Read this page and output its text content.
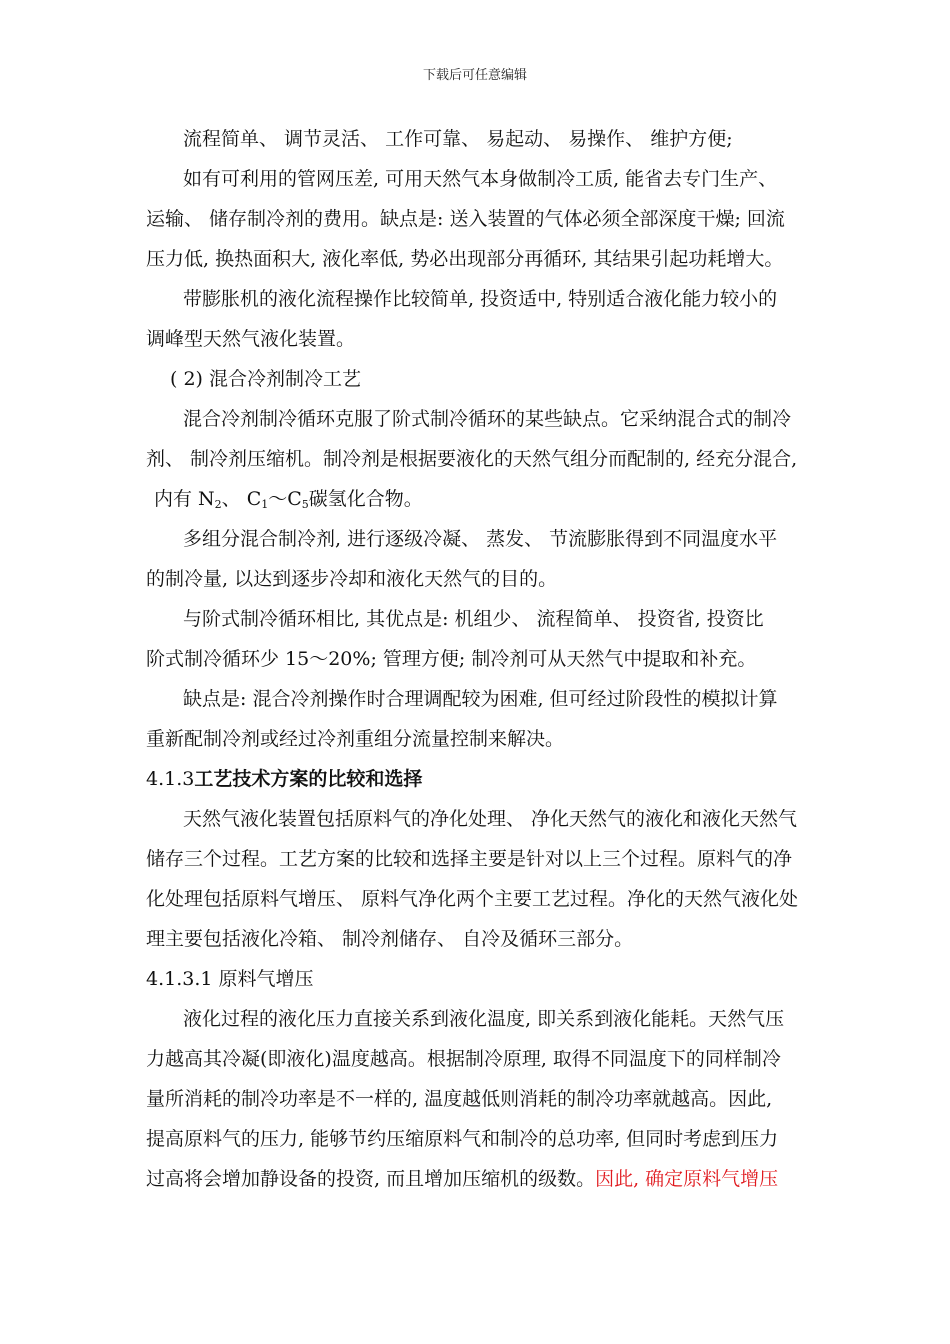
下载后可任意编辑
流程简单、 调节灵活、 工作可靠、 易起动、 易操作、 维护方便;
如有可利用的管网压差, 可用天然气本身做制冷工质, 能省去专门生产、
运输、 储存制冷剂的费用。缺点是: 送入装置的气体必须全部深度干燥; 回流
压力低, 换热面积大, 液化率低, 势必出现部分再循环, 其结果引起功耗增大。
带膨胀机的液化流程操作比较简单, 投资适中, 特别适合液化能力较小的
调峰型天然气液化装置。
( 2) 混合冷剂制冷工艺
混合冷剂制冷循环克服了阶式制冷循环的某些缺点。它采纳混合式的制冷
剂、 制冷剂压缩机。制冷剂是根据要液化的天然气组分而配制的, 经充分混合,
内有 $N_2$、 $C_1\sim C_5$碳氢化合物。
多组分混合制冷剂, 进行逐级冷凝、 蒸发、 节流膨胀得到不同温度水平
的制冷量, 以达到逐步冷却和液化天然气的目的。
与阶式制冷循环相比, 其优点是: 机组少、 流程简单、 投资省, 投资比
阶式制冷循环少 15～20%; 管理方便; 制冷剂可从天然气中提取和补充。
缺点是: 混合冷剂操作时合理调配较为困难, 但可经过阶段性的模拟计算
重新配制冷剂或经过冷剂重组分流量控制来解决。
4.1.3工艺技术方案的比较和选择
天然气液化装置包括原料气的净化处理、 净化天然气的液化和液化天然气
储存三个过程。工艺方案的比较和选择主要是针对以上三个过程。原料气的净
化处理包括原料气增压、 原料气净化两个主要工艺过程。净化的天然气液化处
理主要包括液化冷箱、 制冷剂储存、 自冷及循环三部分。
4.1.3.1 原料气增压
液化过程的液化压力直接关系到液化温度, 即关系到液化能耗。天然气压
力越高其冷凝(即液化)温度越高。根据制冷原理, 取得不同温度下的同样制冷
量所消耗的制冷功率是不一样的, 温度越低则消耗的制冷功率就越高。因此,
提高原料气的压力, 能够节约压缩原料气和制冷的总功率, 但同时考虑到压力
过高将会增加静设备的投资, 而且增加压缩机的级数。因此, 确定原料气增压
